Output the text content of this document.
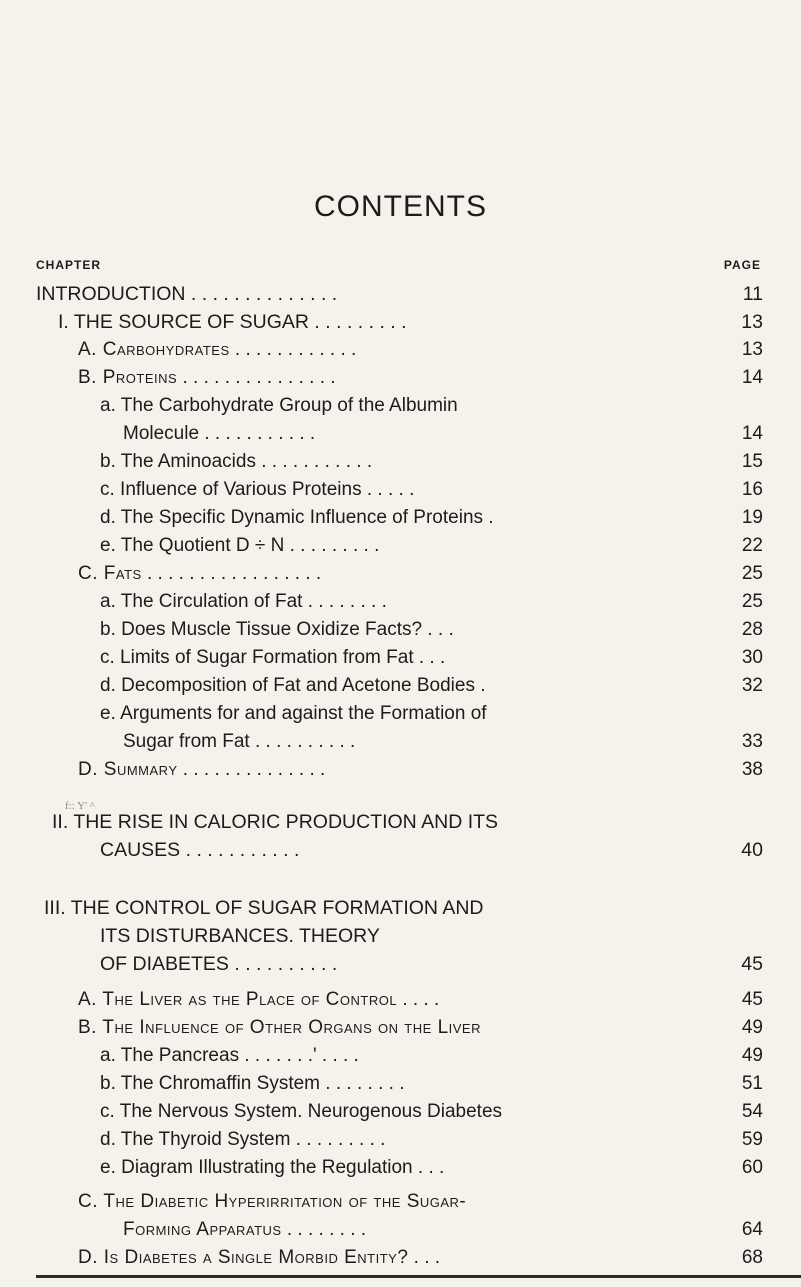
CONTENTS
CHAPTER	PAGE
INTRODUCTION . . . . . . . . . . . . . .	11
I. THE SOURCE OF SUGAR . . . . . . . . .	13
A. Carbohydrates . . . . . . . . . . . .	13
B. Proteins . . . . . . . . . . . . . . .	14
a. The Carbohydrate Group of the Albumin
Molecule . . . . . . . . . . .	14
b. The Aminoacids . . . . . . . . . . .	15
c. Influence of Various Proteins . . . . .	16
d. The Specific Dynamic Influence of Proteins .	19
e. The Quotient D ÷ N . . . . . . . . .	22
C. Fats . . . . . . . . . . . . . . . . .	25
a. The Circulation of Fat . . . . . . . .	25
b. Does Muscle Tissue Oxidize Facts? . . .	28
c. Limits of Sugar Formation from Fat . . .	30
d. Decomposition of Fat and Acetone Bodies .	32
e. Arguments for and against the Formation of
Sugar from Fat . . . . . . . . . .	33
D. Summary . . . . . . . . . . . . . .	38
II. THE RISE IN CALORIC PRODUCTION AND ITS
CAUSES . . . . . . . . . . .	40
III. THE CONTROL OF SUGAR FORMATION AND
ITS DISTURBANCES. THEORY
OF DIABETES . . . . . . . . . .	45
A. The Liver as the Place of Control . . . .	45
B. The Influence of Other Organs on the Liver	49
a. The Pancreas . . . . . . .' . . . .	49
b. The Chromaffin System . . . . . . . .	51
c. The Nervous System. Neurogenous Diabetes	54
d. The Thyroid System . . . . . . . . .	59
e. Diagram Illustrating the Regulation . . .	60
C. The Diabetic Hyperirritation of the Sugar-
Forming Apparatus . . . . . . . .	64
D. Is Diabetes a Single Morbid Entity? . . .	68
f:: Y' ^
